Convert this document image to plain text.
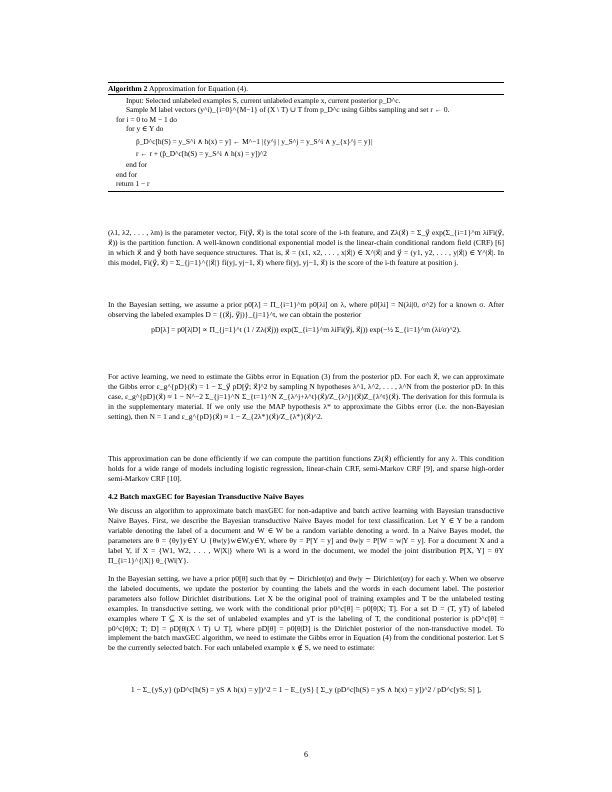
Algorithm 2 Approximation for Equation (4).
Input: Selected unlabeled examples S, current unlabeled example x, current posterior p_D^c.
Sample M label vectors (y^i)_{i=0}^{M−1} of (X \ T) ∪ T from p_D^c using Gibbs sampling and set r ← 0.
for i = 0 to M − 1 do
for y ∈ Y do
p̂_D^c[h(S) = y_S^i ∧ h(x) = y] ← M^−1 |{y^j | y_S^j = y_S^i ∧ y_{x}^j = y}|
r ← r + (p̂_D^c[h(S) = y_S^i ∧ h(x) = y])^2
end for
end for
return 1 − r

(λ1, λ2, . . . , λm) is the parameter vector, Fi(y⃗, x⃗) is the total score of the i-th feature, and Zλ(x⃗) = Σ_y⃗ exp(Σ_{i=1}^m λiFi(y⃗, x⃗)) is the partition function. A well-known conditional exponential model is the linear-chain conditional random field (CRF) [6] in which x⃗ and y⃗ both have sequence structures. That is, x⃗ = (x1, x2, . . . , x|x⃗|) ∈ X^|x⃗| and y⃗ = (y1, y2, . . . , y|x⃗|) ∈ Y^|x⃗|. In this model, Fi(y⃗, x⃗) = Σ_{j=1}^{|x⃗|} fi(yj, yj−1, x⃗) where fi(yj, yj−1, x⃗) is the score of the i-th feature at position j.

In the Bayesian setting, we assume a prior p0[λ] = Π_{i=1}^m p0[λi] on λ, where p0[λi] = N(λi|0, σ^2) for a known σ. After observing the labeled examples D = {(x⃗j, y⃗j)}_{j=1}^t, we can obtain the posterior

pD[λ] = p0[λ|D] ∝ Π_{j=1}^t (1 / Zλ(x⃗j)) exp(Σ_{i=1}^m λiFi(y⃗j, x⃗j)) exp(−½ Σ_{i=1}^m (λi/σ)^2).

For active learning, we need to estimate the Gibbs error in Equation (3) from the posterior pD. For each x⃗, we can approximate the Gibbs error ε_g^{pD}(x⃗) = 1 − Σ_y⃗ pD[y⃗; x⃗]^2 by sampling N hypotheses λ^1, λ^2, . . . , λ^N from the posterior pD. In this case, ε_g^{pD}(x⃗) ≈ 1 − N^−2 Σ_{j=1}^N Σ_{t=1}^N Z_{λ^j+λ^t}(x⃗)/Z_{λ^j}(x⃗)Z_{λ^t}(x⃗). The derivation for this formula is in the supplementary material. If we only use the MAP hypothesis λ* to approximate the Gibbs error (i.e. the non-Bayesian setting), then N = 1 and ε_g^{pD}(x⃗) ≈ 1 − Z_{2λ*}(x⃗)/Z_{λ*}(x⃗)^2.

This approximation can be done efficiently if we can compute the partition functions Zλ(x⃗) efficiently for any λ. This condition holds for a wide range of models including logistic regression, linear-chain CRF, semi-Markov CRF [9], and sparse high-order semi-Markov CRF [10].

4.2 Batch maxGEC for Bayesian Transductive Naive Bayes

We discuss an algorithm to approximate batch maxGEC for non-adaptive and batch active learning with Bayesian transductive Naive Bayes. First, we describe the Bayesian transductive Naive Bayes model for text classification. Let Y ∈ Y be a random variable denoting the label of a document and W ∈ W be a random variable denoting a word. In a Naive Bayes model, the parameters are θ = {θy}y∈Y ∪ {θw|y}w∈W,y∈Y, where θy = P[Y = y] and θw|y = P[W = w|Y = y]. For a document X and a label Y, if X = {W1, W2, . . . , W|X|} where Wi is a word in the document, we model the joint distribution P[X, Y] = θY Π_{i=1}^{|X|} θ_{Wi|Y}.

In the Bayesian setting, we have a prior p0[θ] such that θy ∼ Dirichlet(α) and θw|y ∼ Dirichlet(αy) for each y. When we observe the labeled documents, we update the posterior by counting the labels and the words in each document label. The posterior parameters also follow Dirichlet distributions. Let X be the original pool of training examples and T be the unlabeled testing examples. In transductive setting, we work with the conditional prior p0^c[θ] = p0[θ|X; T]. For a set D = (T, yT) of labeled examples where T ⊆ X is the set of unlabeled examples and yT is the labeling of T, the conditional posterior is pD^c[θ] = p0^c[θ|X; T; D] = pD[θ|(X \ T) ∪ T], where pD[θ] = p0[θ|D] is the Dirichlet posterior of the non-transductive model. To implement the batch maxGEC algorithm, we need to estimate the Gibbs error in Equation (4) from the conditional posterior. Let S be the currently selected batch. For each unlabeled example x ∉ S, we need to estimate:

1 − Σ_{yS,y} (pD^c[h(S) = yS ∧ h(x) = y])^2 = 1 − E_{yS} [ Σ_y (pD^c[h(S) = yS ∧ h(x) = y])^2 / pD^c[yS; S] ],
6
